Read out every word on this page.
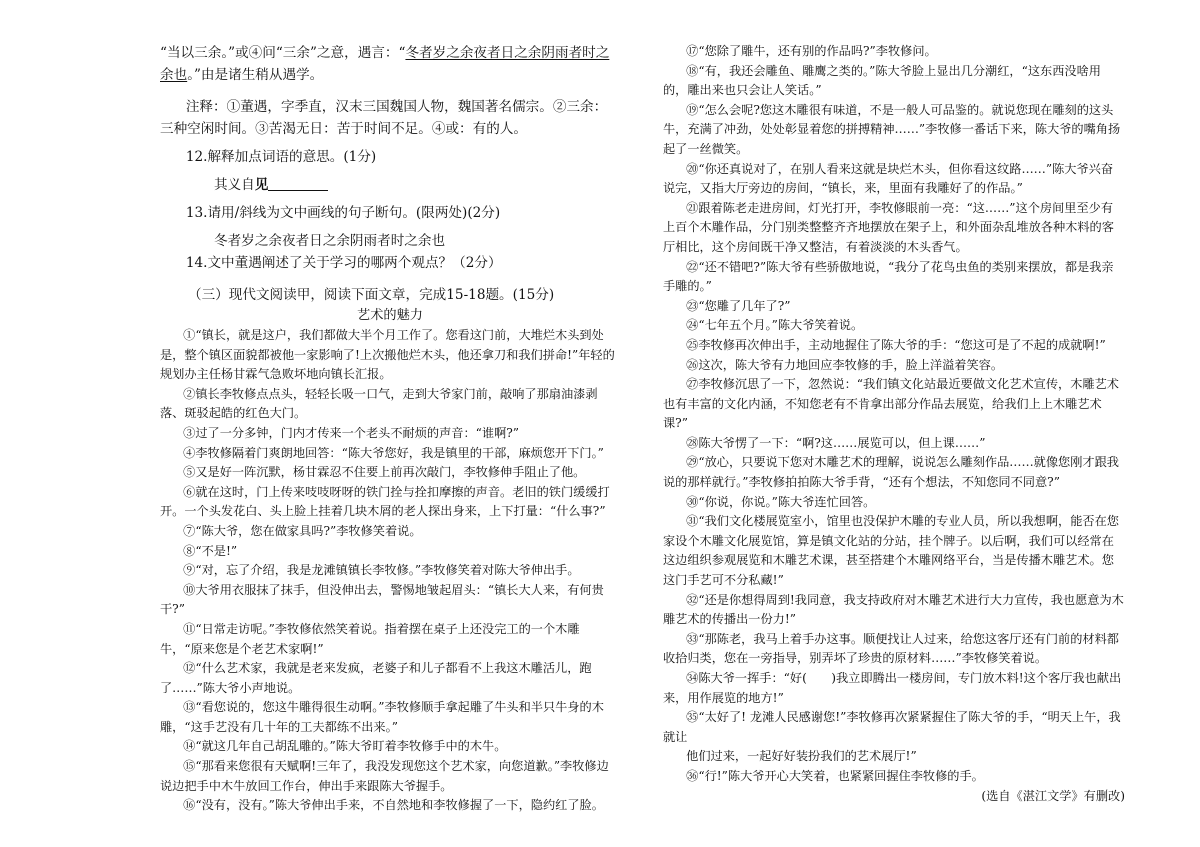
“当以三余。”或④问“三余”之意，遇言：“冬者岁之余夜者日之余阴雨者时之余也。”由是诸生稍从遇学。

注释：①董遇，字季直，汉末三国魏国人物，魏国著名儒宗。②三余：三种空闲时间。③苦渴无日：苦于时间不足。④或：有的人。

12.解释加点词语的意思。(1分)

其义自见

13.请用/斜线为文中画线的句子断句。(限两处)(2分)

冬者岁之余夜者日之余阴雨者时之余也

14.文中董遇阐述了关于学习的哪两个观点？（2分）

（三）现代文阅读甲，阅读下面文章，完成15-18题。(15分)

艺术的魅力

①“镇长，就是这户，我们都做大半个月工作了。您看这门前，大堆烂木头到处是，整个镇区面貌都被他一家影响了!上次搬他烂木头，他还拿刀和我们拼命!”年轻的规划办主任杨甘霖气急败坏地向镇长汇报。

②镇长李牧修点点头，轻轻长吸一口气，走到大爷家门前，敲响了那扇油漆剥落、斑驳起皓的红色大门。

③过了一分多钟，门内才传来一个老头不耐烦的声音：“谁啊?”

④李牧修隔着门爽朗地回答：“陈大爷您好，我是镇里的干部，麻烦您开下门。”

⑤又是好一阵沉默，杨甘霖忍不住要上前再次敲门，李牧修伸手阻止了他。

⑥就在这时，门上传来吱吱呀呀的铁门拴与拴扣摩擦的声音。老旧的铁门缓缓打开。一个头发花白、头上脸上挂着几块木屑的老人探出身来，上下打量：“什么事?”

⑦“陈大爷，您在做家具吗?”李牧修笑着说。

⑧“不是!”

⑨“对，忘了介绍，我是龙滩镇镇长李牧修。”李牧修笑着对陈大爷伸出手。

⑩大爷用衣服抹了抹手，但没伸出去，警惕地皱起眉头：“镇长大人来，有何贵干?”

⑪“日常走访呢。”李牧修依然笑着说。指着摆在桌子上还没完工的一个木雕牛，“原来您是个老艺术家啊!”

⑫“什么艺术家，我就是老来发疯，老婆子和儿子都看不上我这木雕活儿，跑了……”陈大爷小声地说。

⑬“看您说的，您这牛雕得很生动啊。”李牧修顺手拿起雕了牛头和半只牛身的木雕，“这手艺没有几十年的工夫都练不出来。”

⑭“就这几年自己胡乱雕的。”陈大爷盯着李牧修手中的木牛。

⑮“那看来您很有天赋啊!三年了，我没发现您这个艺术家，向您道歉。”李牧修边说边把手中木牛放回工作台，伸出手来跟陈大爷握手。

⑯“没有，没有。”陈大爷伸出手来，不自然地和李牧修握了一下，隐约红了脸。

⑰“您除了雕牛，还有别的作品吗?”李牧修问。

⑱“有，我还会雕鱼、雕鹰之类的。”陈大爷脸上显出几分潮红，“这东西没啥用的，雕出来也只会让人笑话。”

⑲“怎么会呢?您这木雕很有味道，不是一般人可品鉴的。就说您现在雕刻的这头牛，充满了冲劲，处处彰显着您的拼搏精神……”李牧修一番话下来，陈大爷的嘴角扬起了一丝微笑。

⑳“你还真说对了，在别人看来这就是块烂木头，但你看这纹路……”陈大爷兴奋说完，又指大厅旁边的房间，“镇长，来，里面有我雕好了的作品。”

㉑跟着陈老走进房间，灯光打开，李牧修眼前一亮：“这……”这个房间里至少有上百个木雕作品，分门别类整整齐齐地摆放在架子上，和外面杂乱堆放各种木料的客厅相比，这个房间既干净又整洁，有着淡淡的木头香气。

㉒“还不错吧?”陈大爷有些骄傲地说，“我分了花鸟虫鱼的类别来摆放，都是我亲手雕的。”

㉓“您雕了几年了?”

㉔“七年五个月。”陈大爷笑着说。

㉕李牧修再次伸出手，主动地握住了陈大爷的手：“您这可是了不起的成就啊!”

㉖这次，陈大爷有力地回应李牧修的手，脸上洋溢着笑容。

㉗李牧修沉思了一下，忽然说：“我们镇文化站最近要做文化艺术宣传，木雕艺术也有丰富的文化内涵，不知您老有不肯拿出部分作品去展览，给我们上上木雕艺术课?”

㉘陈大爷愣了一下：“啊?这……展览可以，但上课……”

㉙“放心，只要说下您对木雕艺术的理解，说说怎么雕刻作品……就像您刚才跟我说的那样就行。”李牧修拍拍陈大爷手背，“还有个想法，不知您同不同意?”

㉚“你说，你说。”陈大爷连忙回答。

㉛“我们文化楼展览室小，馆里也没保护木雕的专业人员，所以我想啊，能否在您家设个木雕文化展览馆，算是镇文化站的分站，挂个牌子。以后啊，我们可以经常在这边组织参观展览和木雕艺术课，甚至搭建个木雕网络平台，当是传播木雕艺术。您这门手艺可不分私藏!”

㉜“还是你想得周到!我同意，我支持政府对木雕艺术进行大力宣传，我也愿意为木雕艺术的传播出一份力!”

㉝“那陈老，我马上着手办这事。顺便找让人过来，给您这客厅还有门前的材料都收拾归类，您在一旁指导，别弄坏了珍贵的原材料……”李牧修笑着说。

㉞陈大爷一挥手：“好(　　)我立即腾出一楼房间，专门放木料!这个客厅我也献出来，用作展览的地方!”

㉟“太好了! 龙滩人民感谢您!”李牧修再次紧紧握住了陈大爷的手，“明天上午，我就让

他们过来，一起好好装扮我们的艺术展厅!”

㊱“行!”陈大爷开心大笑着，也紧紧回握住李牧修的手。

(选自《湛江文学》有删改)
